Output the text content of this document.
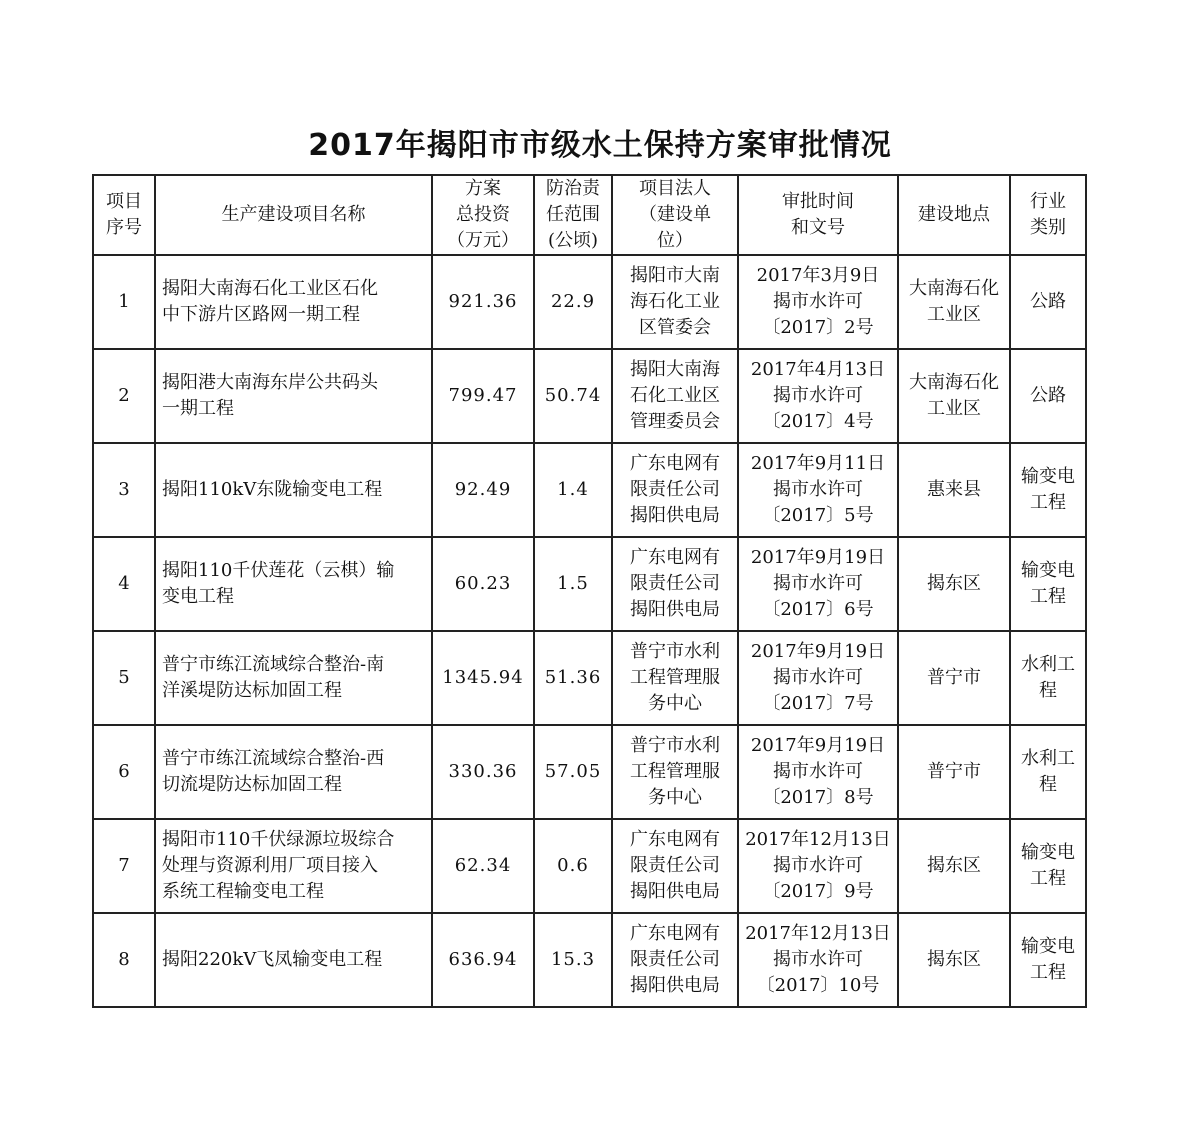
2017年揭阳市市级水土保持方案审批情况
项目
序号	生产建设项目名称	方案
总投资
（万元）	防治责
任范围
(公顷)	项目法人
（建设单
位）	审批时间
和文号	建设地点	行业
类别
1	揭阳大南海石化工业区石化
中下游片区路网一期工程	921.36	22.9	揭阳市大南
海石化工业
区管委会	2017年3月9日
揭市水许可
〔2017〕2号	大南海石化
工业区	公路
2	揭阳港大南海东岸公共码头
一期工程	799.47	50.74	揭阳大南海
石化工业区
管理委员会	2017年4月13日
揭市水许可
〔2017〕4号	大南海石化
工业区	公路
3	揭阳110kV东陇输变电工程	92.49	1.4	广东电网有
限责任公司
揭阳供电局	2017年9月11日
揭市水许可
〔2017〕5号	惠来县	输变电
工程
4	揭阳110千伏莲花（云棋）输
变电工程	60.23	1.5	广东电网有
限责任公司
揭阳供电局	2017年9月19日
揭市水许可
〔2017〕6号	揭东区	输变电
工程
5	普宁市练江流域综合整治-南
洋溪堤防达标加固工程	1345.94	51.36	普宁市水利
工程管理服
务中心	2017年9月19日
揭市水许可
〔2017〕7号	普宁市	水利工
程
6	普宁市练江流域综合整治-西
切流堤防达标加固工程	330.36	57.05	普宁市水利
工程管理服
务中心	2017年9月19日
揭市水许可
〔2017〕8号	普宁市	水利工
程
7	揭阳市110千伏绿源垃圾综合
处理与资源利用厂项目接入
系统工程输变电工程	62.34	0.6	广东电网有
限责任公司
揭阳供电局	2017年12月13日
揭市水许可
〔2017〕9号	揭东区	输变电
工程
8	揭阳220kV飞凤输变电工程	636.94	15.3	广东电网有
限责任公司
揭阳供电局	2017年12月13日
揭市水许可
〔2017〕10号	揭东区	输变电
工程
